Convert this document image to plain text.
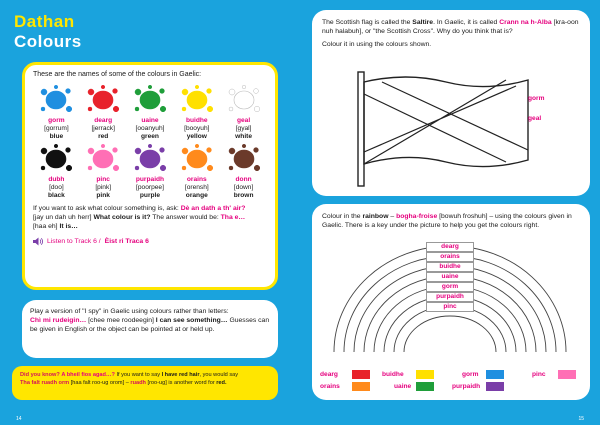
Dathan
Colours
These are the names of some of the colours in Gaelic:
gorm
[gorrum]
blue
dearg
[jerrack]
red
uaine
[ooanyuh]
green
buidhe
[booyuh]
yellow
geal
[gyal]
white
dubh
[doo]
black
pinc
[pink]
pink
purpaidh
[poorpee]
purple
orains
[orensh]
orange
donn
[down]
brown
If you want to ask what colour something is, ask: Dè an dath a th' air?
[jay un dah uh herr] What colour is it? The answer would be: Tha e…
[haa eh] It is…
Listen to Track 6 / Èist ri Traca 6
Play a version of "I spy" in Gaelic using colours rather than letters:
Chì mi rudeigin… [chee mee roodeegin] I can see something… Guesses can be given in English or the object can be pointed at or held up.
Did you know? A bheil fios agad…? If you want to say I have red hair, you would say
Tha falt ruadh orm [haa falt roo-ug orom] – ruadh [roo-ug] is another word for red.
14
The Scottish flag is called the Saltire. In Gaelic, it is called Crann na h-Alba [kra-oon nuh halabuh], or "the Scottish Cross". Why do you think that is?
Colour it in using the colours shown.
gorm
geal
Colour in the rainbow – bogha-froise [bowuh froshuh] – using the colours given in Gaelic. There is a key under the picture to help you get the colours right.
dearg
orains
buidhe
uaine
gorm
purpaidh
pinc
dearg	buidhe	gorm	pinc
orains	uaine	purpaidh
15
